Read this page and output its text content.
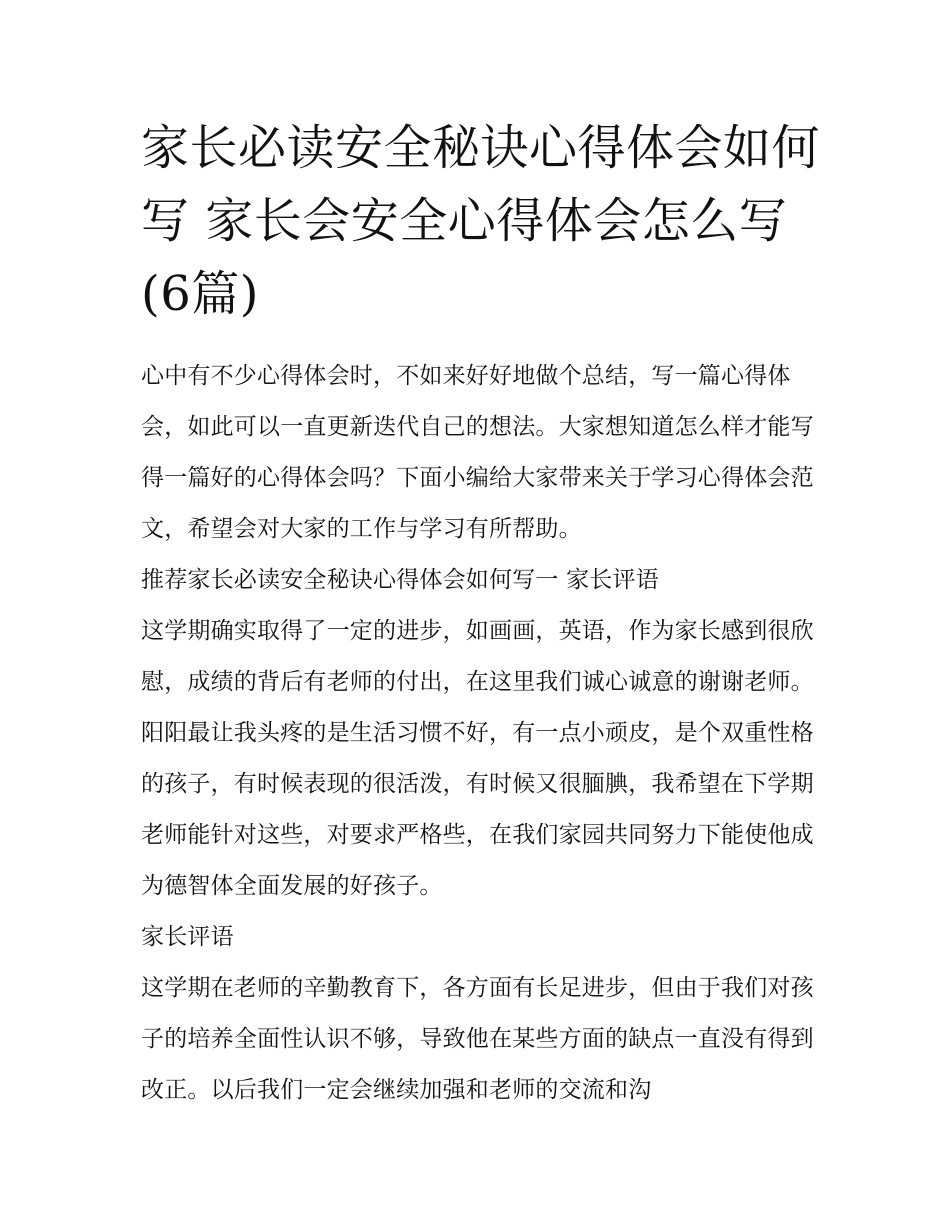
家长必读安全秘诀心得体会如何写 家长会安全心得体会怎么写(6篇)

心中有不少心得体会时，不如来好好地做个总结，写一篇心得体会，如此可以一直更新迭代自己的想法。大家想知道怎么样才能写得一篇好的心得体会吗？下面小编给大家带来关于学习心得体会范文，希望会对大家的工作与学习有所帮助。

推荐家长必读安全秘诀心得体会如何写一 家长评语

这学期确实取得了一定的进步，如画画，英语，作为家长感到很欣慰，成绩的背后有老师的付出，在这里我们诚心诚意的谢谢老师。阳阳最让我头疼的是生活习惯不好，有一点小顽皮，是个双重性格的孩子，有时候表现的很活泼，有时候又很腼腆，我希望在下学期老师能针对这些，对要求严格些，在我们家园共同努力下能使他成为德智体全面发展的好孩子。

家长评语

这学期在老师的辛勤教育下，各方面有长足进步，但由于我们对孩子的培养全面性认识不够，导致他在某些方面的缺点一直没有得到改正。以后我们一定会继续加强和老师的交流和沟
